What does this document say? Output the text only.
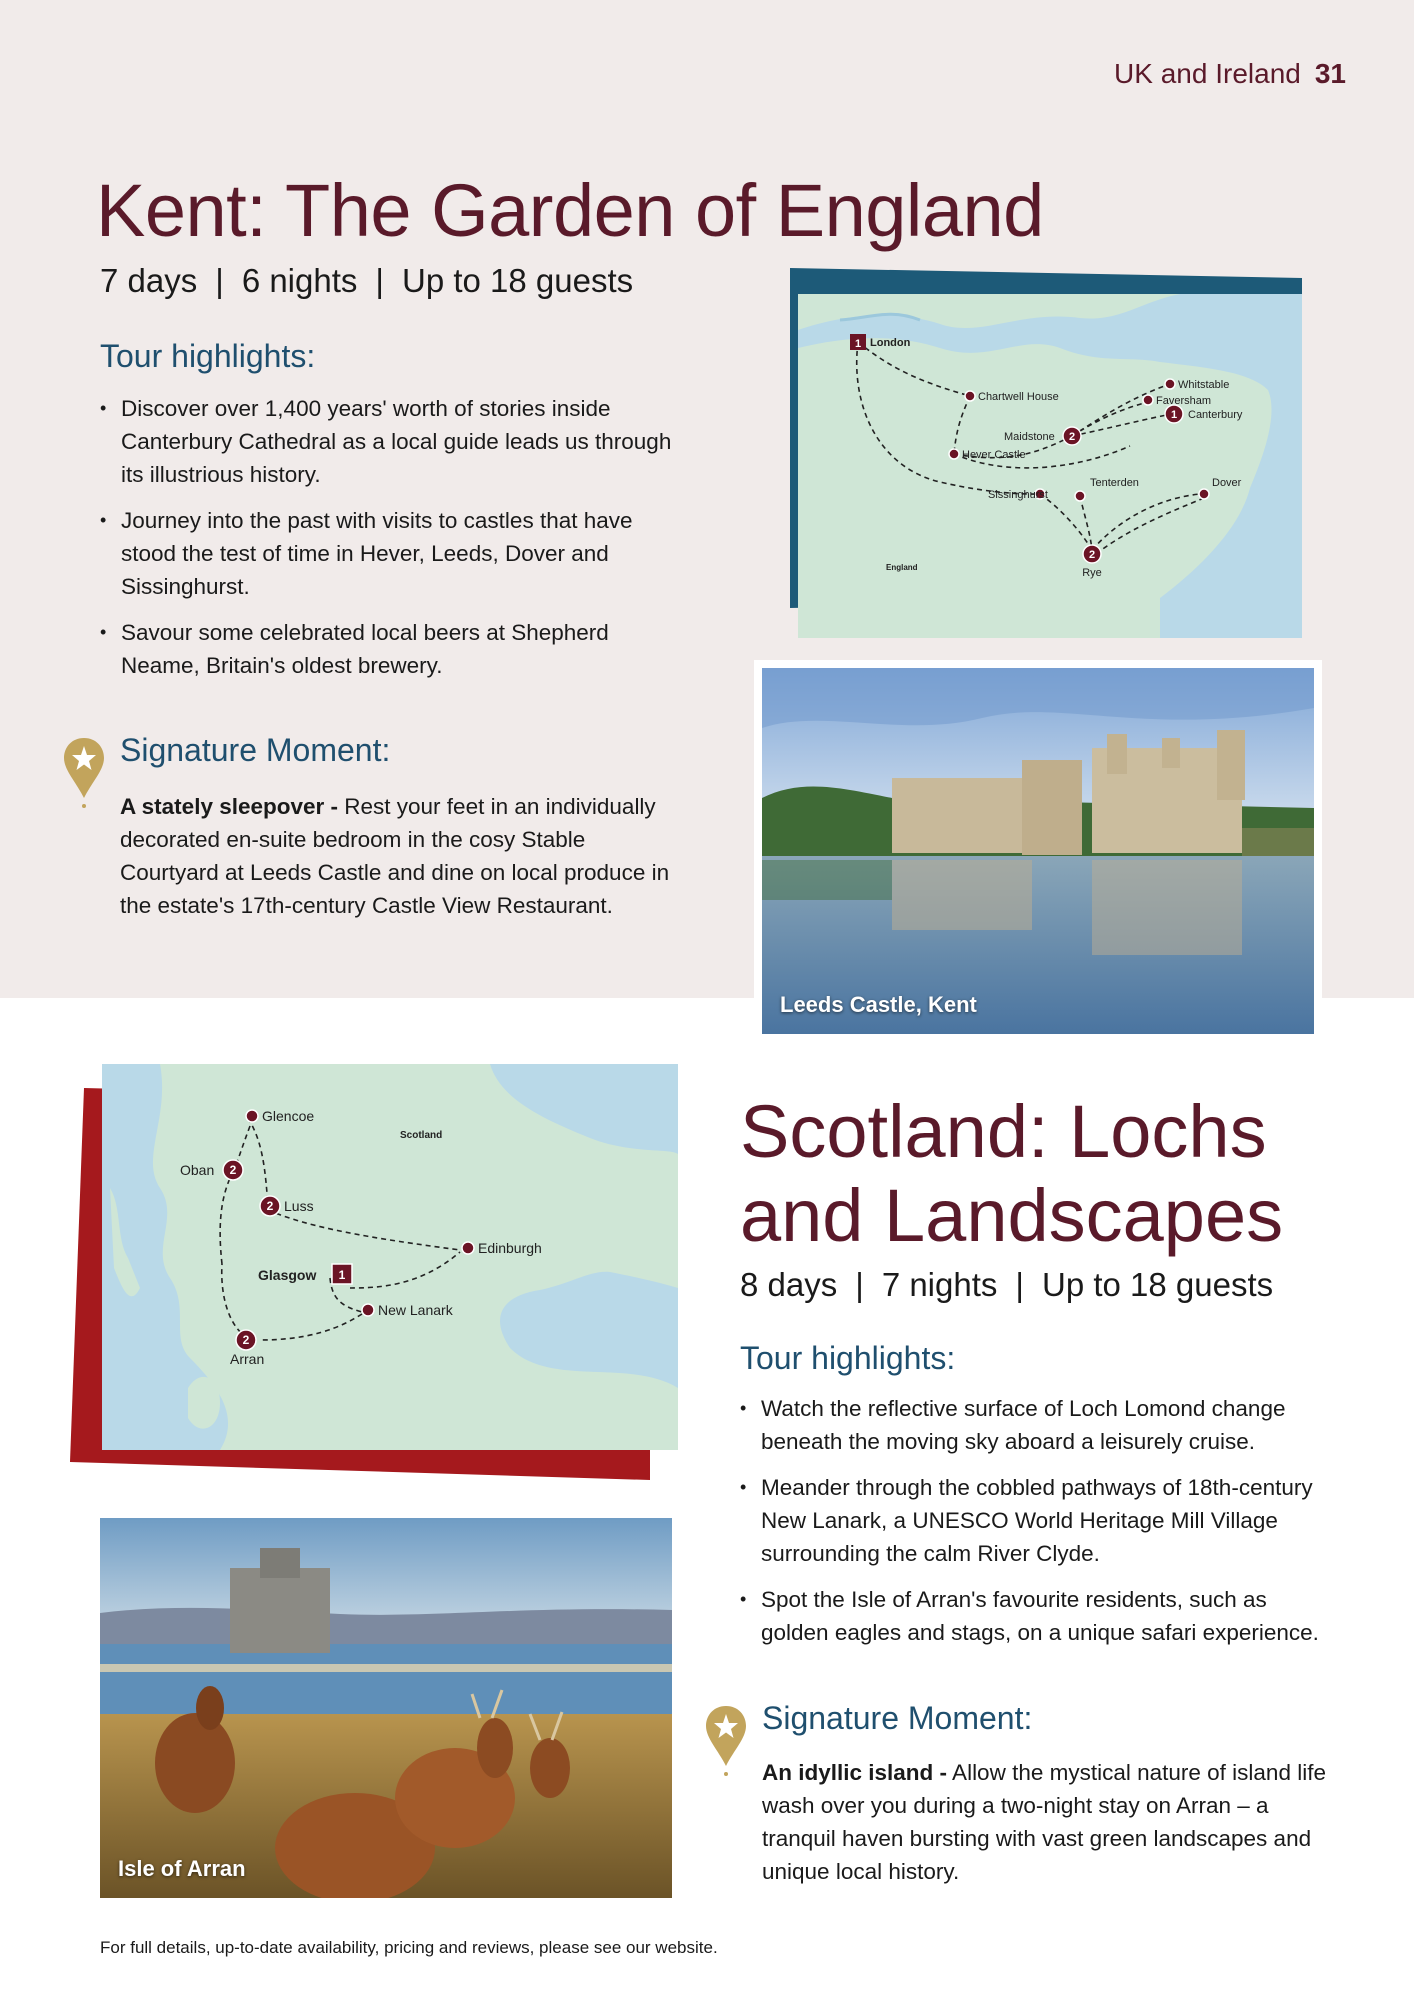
UK and Ireland 31
Kent: The Garden of England
7 days | 6 nights | Up to 18 guests
Tour highlights:
• Discover over 1,400 years' worth of stories inside Canterbury Cathedral as a local guide leads us through its illustrious history.
• Journey into the past with visits to castles that have stood the test of time in Hever, Leeds, Dover and Sissinghurst.
• Savour some celebrated local beers at Shepherd Neame, Britain's oldest brewery.
Signature Moment:
A stately sleepover - Rest your feet in an individually decorated en-suite bedroom in the cosy Stable Courtyard at Leeds Castle and dine on local produce in the estate's 17th-century Castle View Restaurant.
1
2
1
2
London
Chartwell House
Whitstable
Faversham
Canterbury
Maidstone
Hever Castle
Tenterden	Dover
Sissinghurst
Rye
England
Leeds Castle, Kent
2
2
1
2
Glencoe
Oban
Luss
Glasgow
Edinburgh
New Lanark
Arran
Scotland
Isle of Arran
Scotland: Lochs and Landscapes
8 days | 7 nights | Up to 18 guests
Tour highlights:
• Watch the reflective surface of Loch Lomond change beneath the moving sky aboard a leisurely cruise.
• Meander through the cobbled pathways of 18th-century New Lanark, a UNESCO World Heritage Mill Village surrounding the calm River Clyde.
• Spot the Isle of Arran's favourite residents, such as golden eagles and stags, on a unique safari experience.
Signature Moment:
An idyllic island - Allow the mystical nature of island life wash over you during a two-night stay on Arran – a tranquil haven bursting with vast green landscapes and unique local history.
For full details, up-to-date availability, pricing and reviews, please see our website.
